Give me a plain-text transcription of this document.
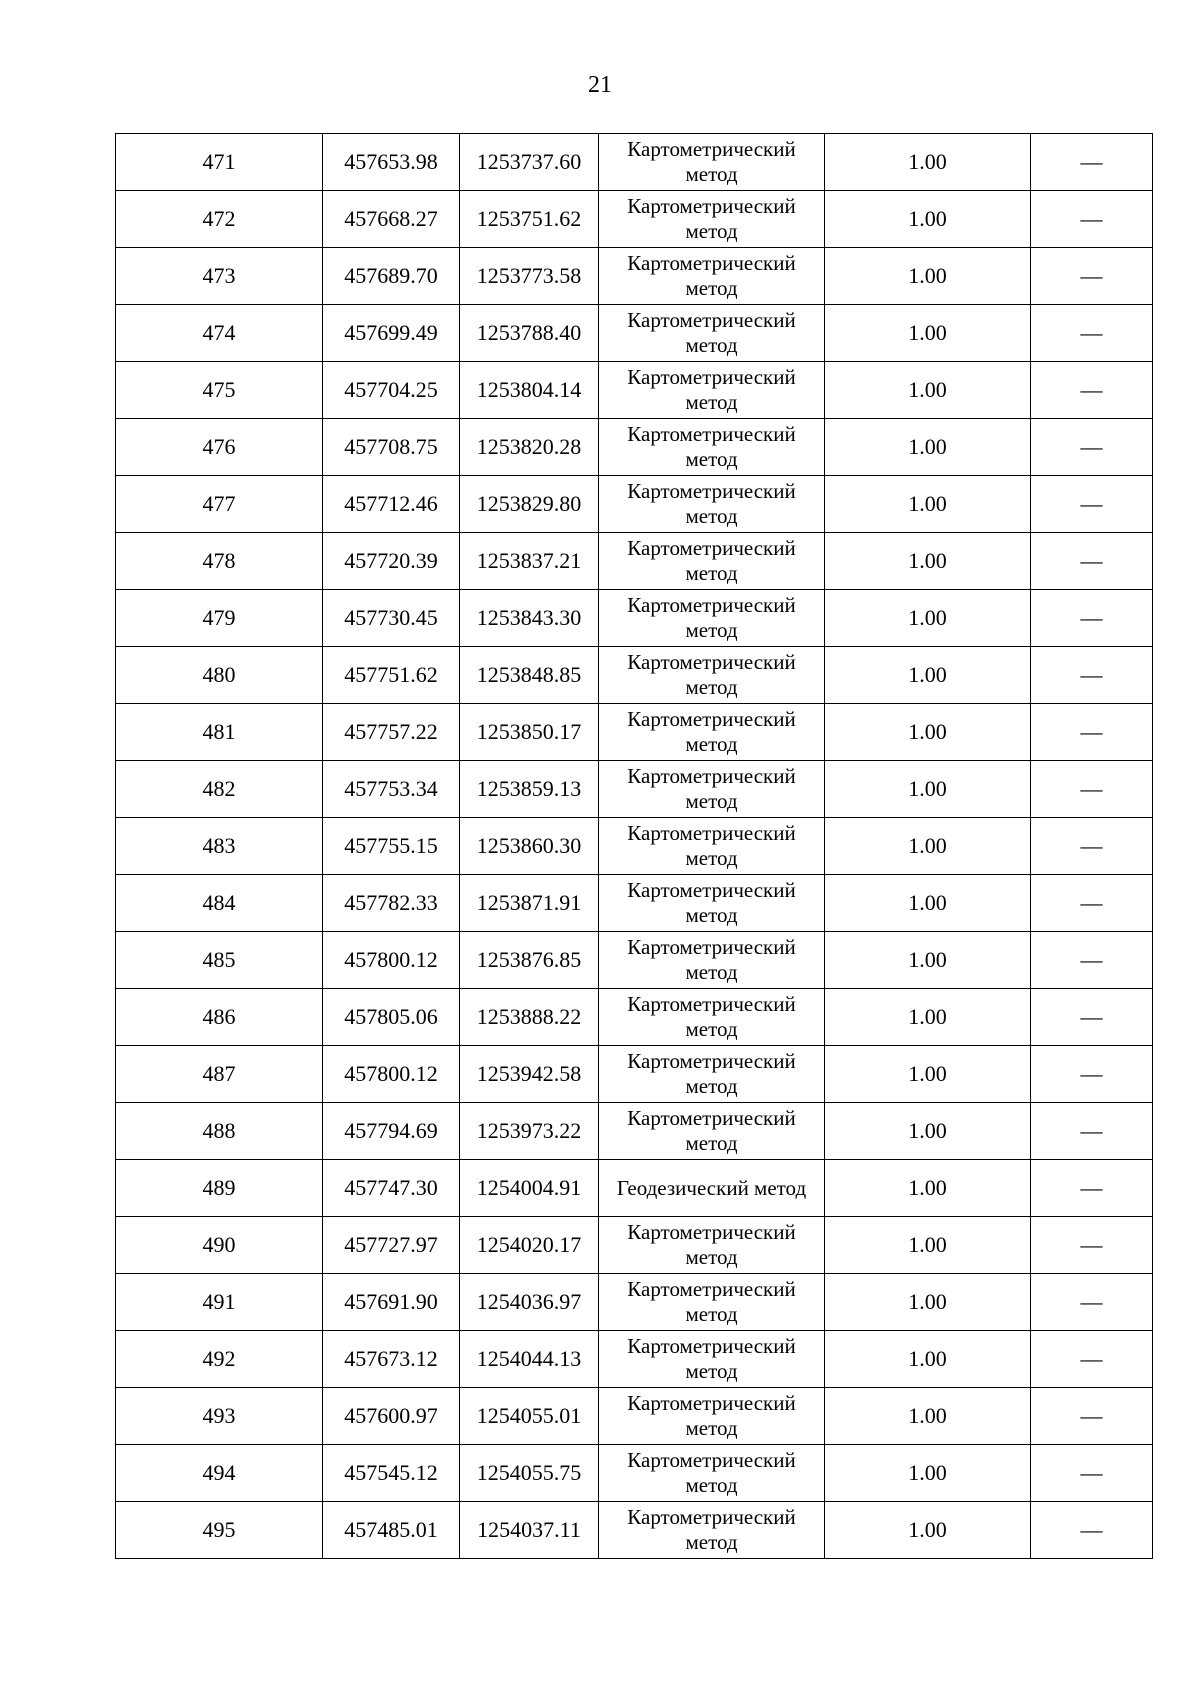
21
471	457653.98	1253737.60	Картометрический метод	1.00	—
472	457668.27	1253751.62	Картометрический метод	1.00	—
473	457689.70	1253773.58	Картометрический метод	1.00	—
474	457699.49	1253788.40	Картометрический метод	1.00	—
475	457704.25	1253804.14	Картометрический метод	1.00	—
476	457708.75	1253820.28	Картометрический метод	1.00	—
477	457712.46	1253829.80	Картометрический метод	1.00	—
478	457720.39	1253837.21	Картометрический метод	1.00	—
479	457730.45	1253843.30	Картометрический метод	1.00	—
480	457751.62	1253848.85	Картометрический метод	1.00	—
481	457757.22	1253850.17	Картометрический метод	1.00	—
482	457753.34	1253859.13	Картометрический метод	1.00	—
483	457755.15	1253860.30	Картометрический метод	1.00	—
484	457782.33	1253871.91	Картометрический метод	1.00	—
485	457800.12	1253876.85	Картометрический метод	1.00	—
486	457805.06	1253888.22	Картометрический метод	1.00	—
487	457800.12	1253942.58	Картометрический метод	1.00	—
488	457794.69	1253973.22	Картометрический метод	1.00	—
489	457747.30	1254004.91	Геодезический метод	1.00	—
490	457727.97	1254020.17	Картометрический метод	1.00	—
491	457691.90	1254036.97	Картометрический метод	1.00	—
492	457673.12	1254044.13	Картометрический метод	1.00	—
493	457600.97	1254055.01	Картометрический метод	1.00	—
494	457545.12	1254055.75	Картометрический метод	1.00	—
495	457485.01	1254037.11	Картометрический метод	1.00	—
